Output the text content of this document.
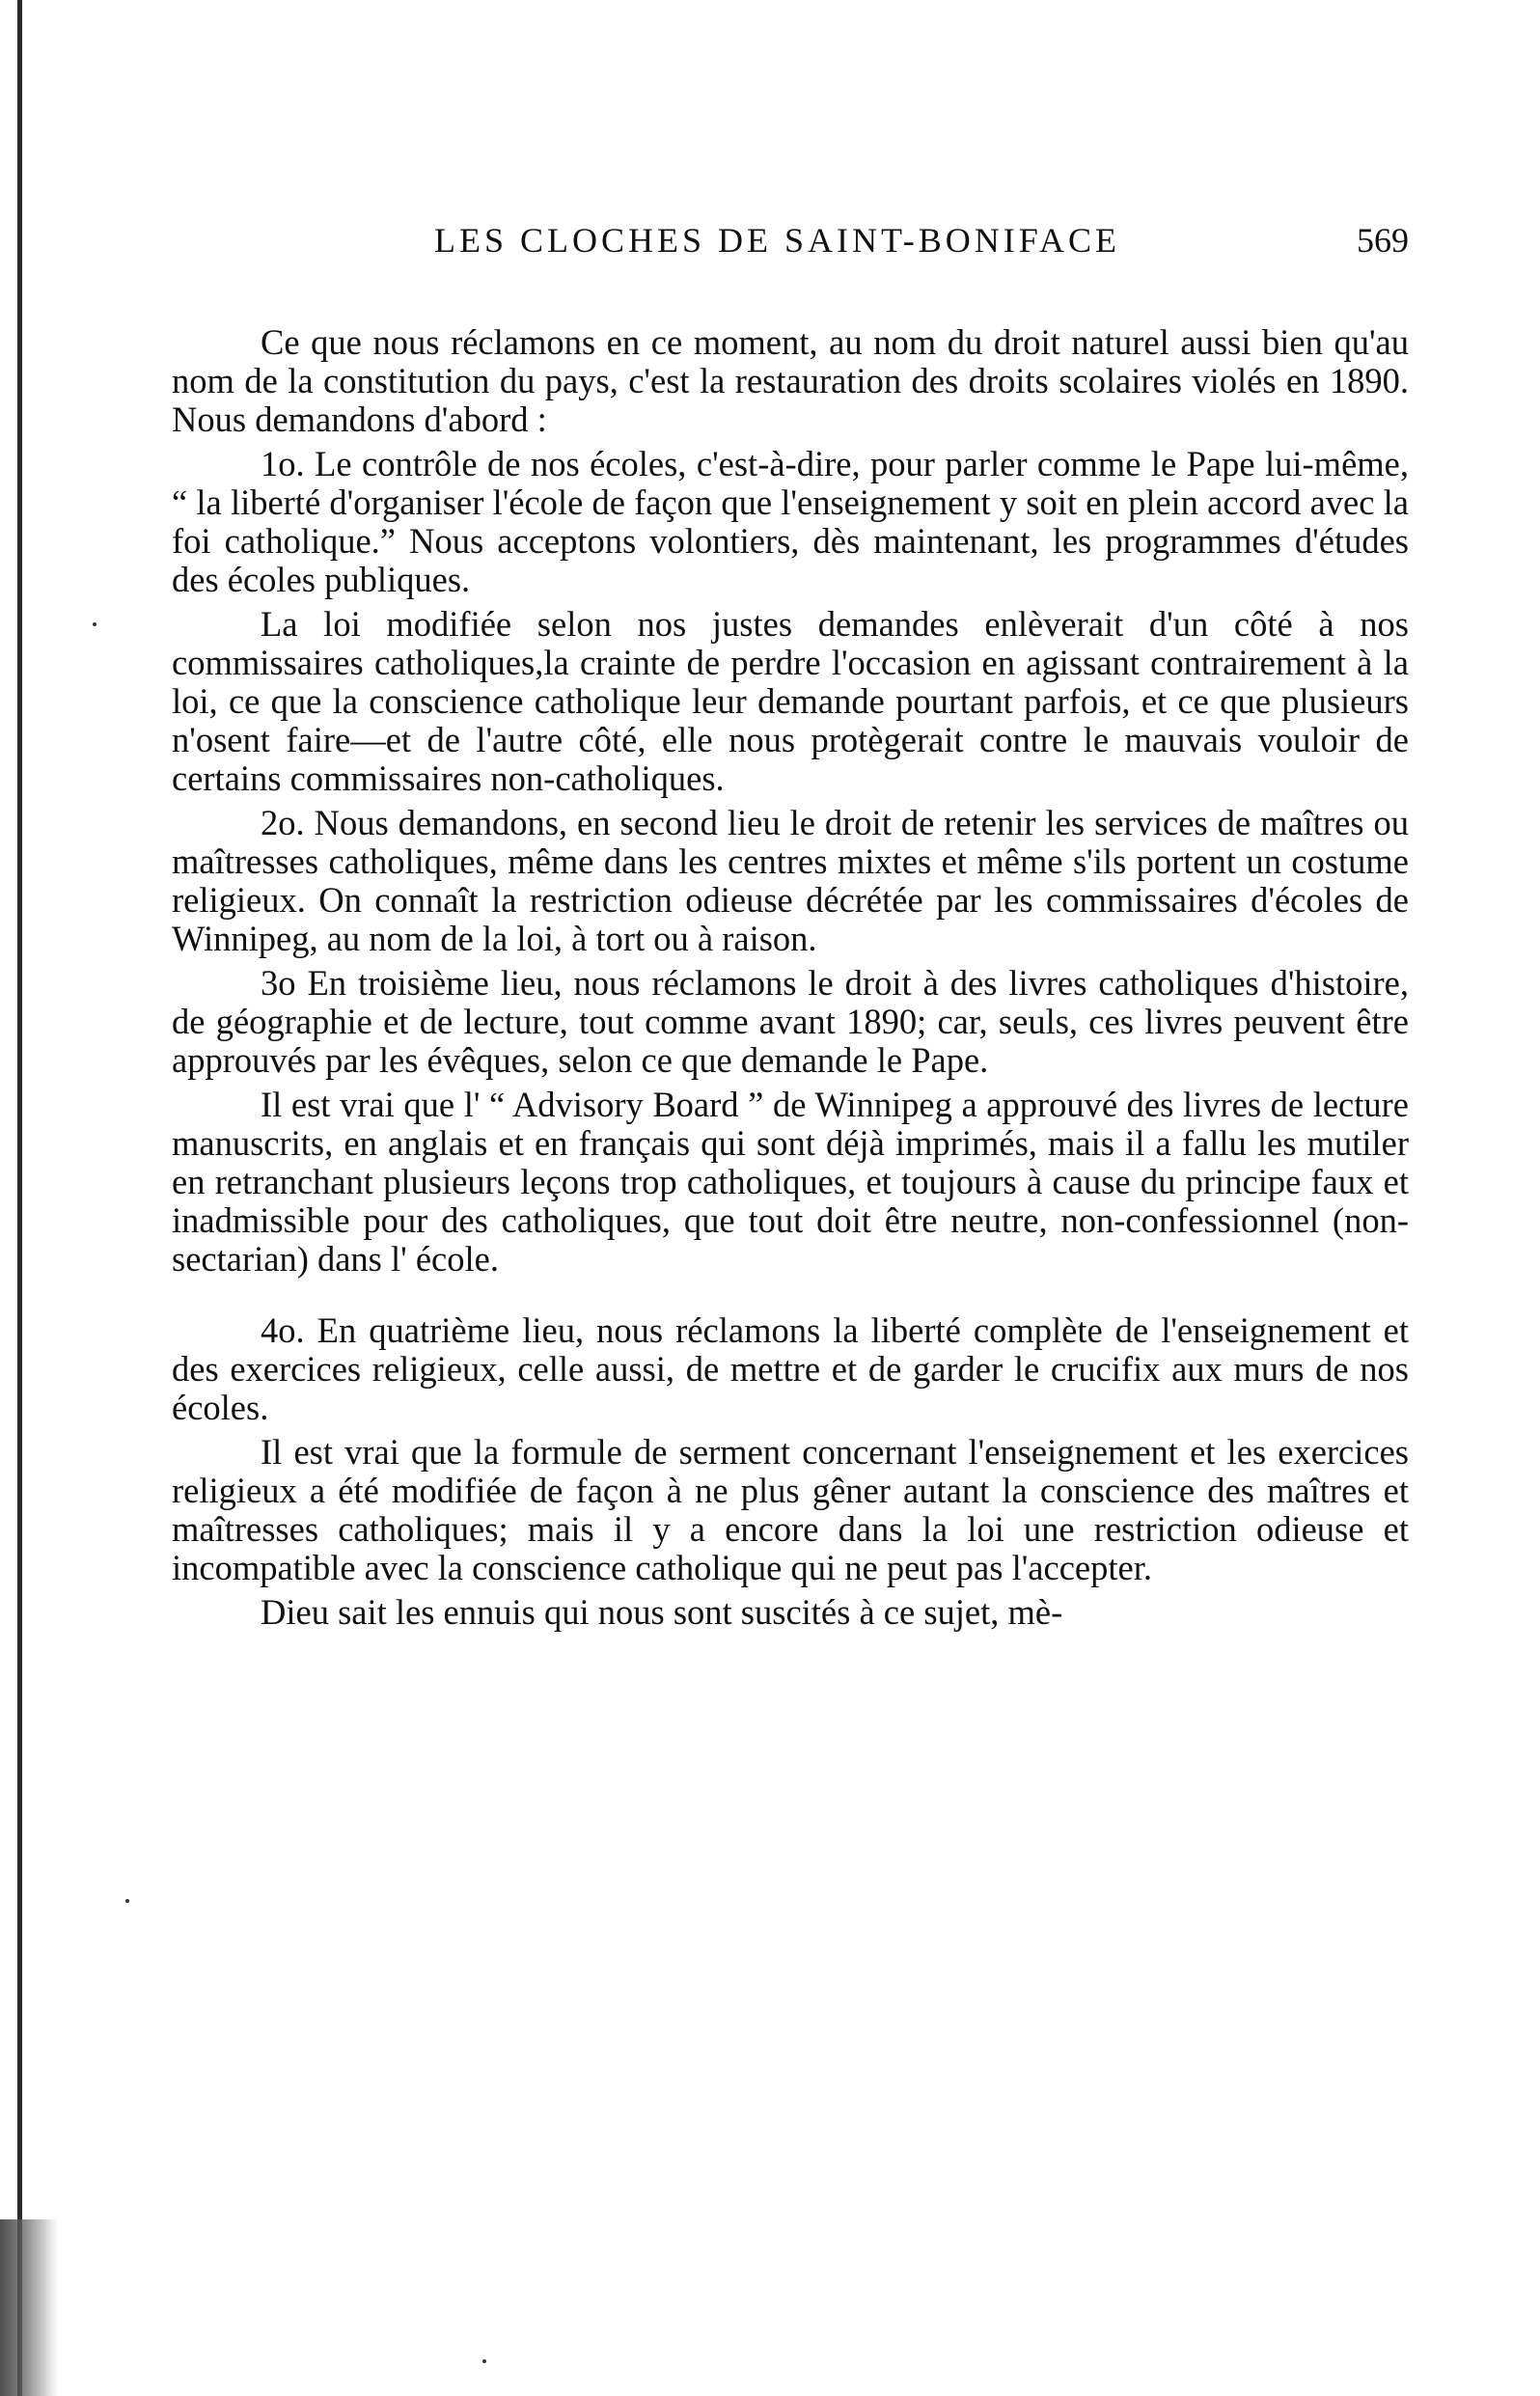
LES CLOCHES DE SAINT-BONIFACE	569

Ce que nous réclamons en ce moment, au nom du droit naturel aussi bien qu'au nom de la constitution du pays, c'est la restauration des droits scolaires violés en 1890. Nous demandons d'abord :

1o. Le contrôle de nos écoles, c'est-à-dire, pour parler comme le Pape lui-même, “ la liberté d'organiser l'école de façon que l'enseignement y soit en plein accord avec la foi catholique.” Nous acceptons volontiers, dès maintenant, les programmes d'études des écoles publiques.

La loi modifiée selon nos justes demandes enlèverait d'un côté à nos commissaires catholiques,la crainte de perdre l'occasion en agissant contrairement à la loi, ce que la conscience catholique leur demande pourtant parfois, et ce que plusieurs n'osent faire—et de l'autre côté, elle nous protègerait contre le mauvais vouloir de certains commissaires non-catholiques.

2o. Nous demandons, en second lieu le droit de retenir les services de maîtres ou maîtresses catholiques, même dans les centres mixtes et même s'ils portent un costume religieux. On connaît la restriction odieuse décrétée par les commissaires d'écoles de Winnipeg, au nom de la loi, à tort ou à raison.

3o En troisième lieu, nous réclamons le droit à des livres catholiques d'histoire, de géographie et de lecture, tout comme avant 1890; car, seuls, ces livres peuvent être approuvés par les évêques, selon ce que demande le Pape.

Il est vrai que l' “ Advisory Board ” de Winnipeg a approuvé des livres de lecture manuscrits, en anglais et en français qui sont déjà imprimés, mais il a fallu les mutiler en retranchant plusieurs leçons trop catholiques, et toujours à cause du principe faux et inadmissible pour des catholiques, que tout doit être neutre, non-confessionnel (non-sectarian) dans l' école.

4o. En quatrième lieu, nous réclamons la liberté complète de l'enseignement et des exercices religieux, celle aussi, de mettre et de garder le crucifix aux murs de nos écoles.

Il est vrai que la formule de serment concernant l'enseignement et les exercices religieux a été modifiée de façon à ne plus gêner autant la conscience des maîtres et maîtresses catholiques; mais il y a encore dans la loi une restriction odieuse et incompatible avec la conscience catholique qui ne peut pas l'accepter.

Dieu sait les ennuis qui nous sont suscités à ce sujet, mè-
